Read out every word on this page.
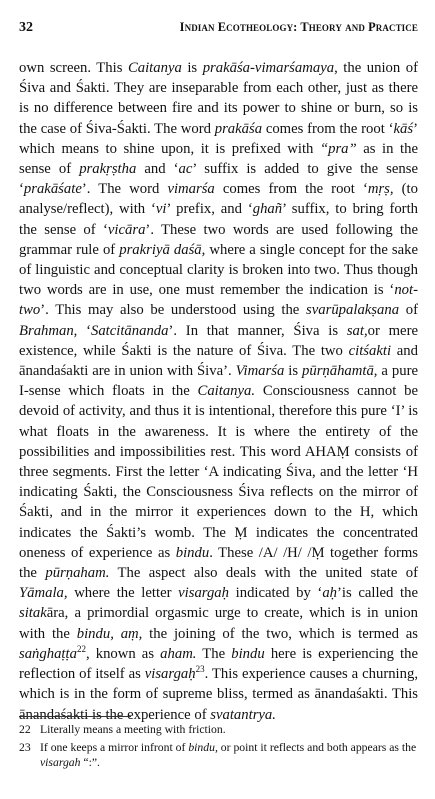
32	Indian Ecotheology: Theory and Practice

own screen. This Caitanya is prakāśa-vimarśamaya, the union of Śiva and Śakti. They are inseparable from each other, just as there is no difference between fire and its power to shine or burn, so is the case of Śiva-Śakti. The word prakāśa comes from the root ‘kāś’ which means to shine upon, it is prefixed with “pra” as in the sense of prakṛṣtha and ‘ac’ suffix is added to give the sense ‘prakāśate’. The word vimarśa comes from the root ‘mṛṣ, (to analyse/reflect), with ‘vi’ prefix, and ‘ghañ’ suffix, to bring forth the sense of ‘vicāra’. These two words are used following the grammar rule of prakriyā daśā, where a single concept for the sake of linguistic and conceptual clarity is broken into two. Thus though two words are in use, one must remember the indication is ‘not-two’. This may also be understood using the svarūpalakṣana of Brahman, ‘Satcitānanda’. In that manner, Śiva is sat,or mere existence, while Śakti is the nature of Śiva. The two citśakti and ānandaśakti are in union with Śiva’. Vimarśa is pūrṇāhamtā, a pure I-sense which floats in the Caitanya. Consciousness cannot be devoid of activity, and thus it is intentional, therefore this pure ‘I’ is what floats in the awareness. It is where the entirety of the possibilities and impossibilities rest. This word AHAṂ consists of three segments. First the letter ‘A indicating Śiva, and the letter ‘H indicating Śakti, the Consciousness Śiva reflects on the mirror of Śakti, and in the mirror it experiences down to the H, which indicates the Śakti’s womb. The Ṃ indicates the concentrated oneness of experience as bindu. These /A/ /H/ /Ṃ together forms the pūrṇaham. The aspect also deals with the united state of Yāmala, where the letter visargaḥ indicated by ‘aḥ’is called the sitakāra, a primordial orgasmic urge to create, which is in union with the bindu, aṃ, the joining of the two, which is termed as saṅghaṭṭa$^{22}$, known as aham. The bindu here is experiencing the reflection of itself as visargaḥ$^{23}$. This experience causes a churning, which is in the form of supreme bliss, termed as ānandaśakti. This ānandaśakti is the experience of svatantrya.

22 Literally means a meeting with friction.
23 If one keeps a mirror infront of bindu, or point it reflects and both appears as the visargah “:”.
